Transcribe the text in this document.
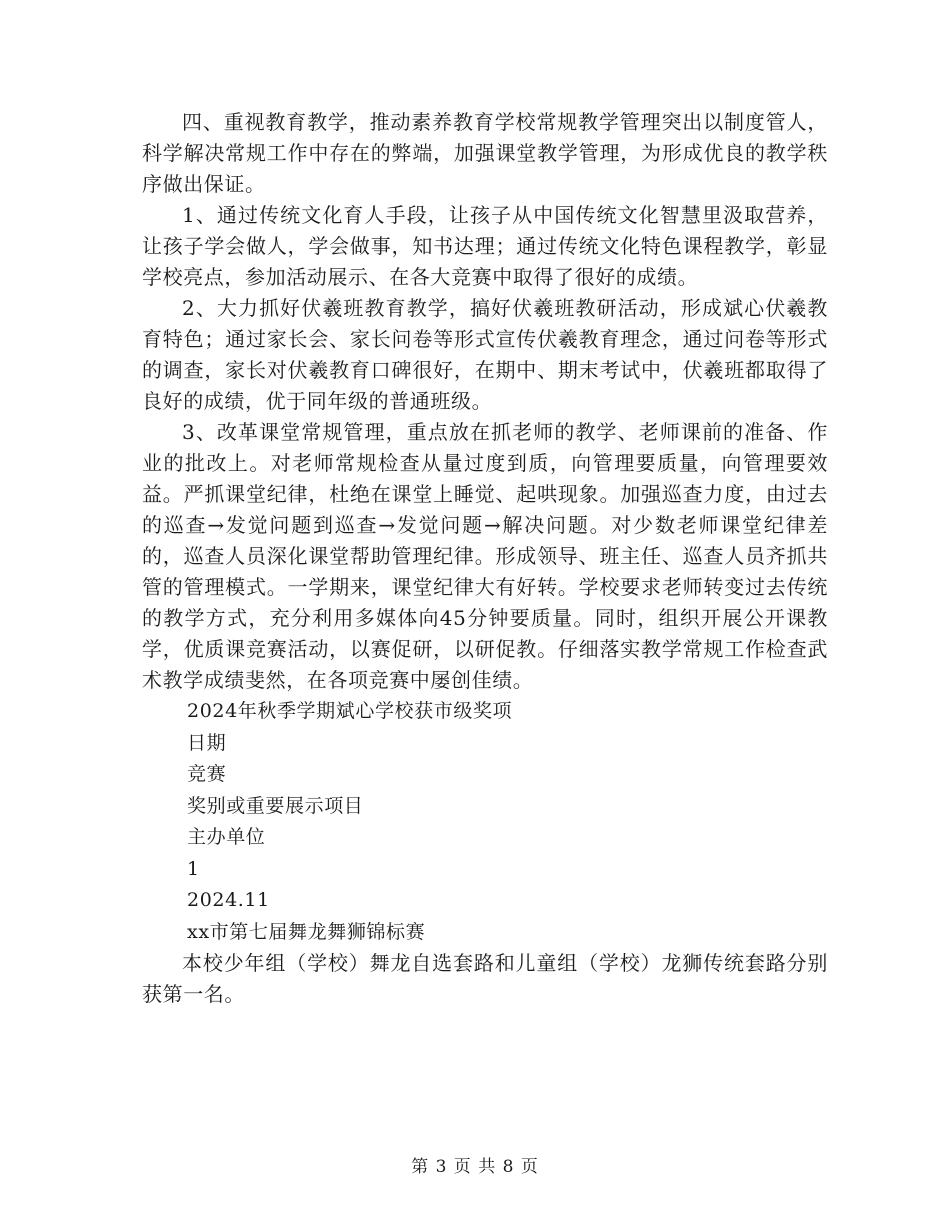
四、重视教育教学，推动素养教育学校常规教学管理突出以制度管人，科学解决常规工作中存在的弊端，加强课堂教学管理，为形成优良的教学秩序做出保证。

1、通过传统文化育人手段，让孩子从中国传统文化智慧里汲取营养，让孩子学会做人，学会做事，知书达理；通过传统文化特色课程教学，彰显学校亮点，参加活动展示、在各大竞赛中取得了很好的成绩。

2、大力抓好伏羲班教育教学，搞好伏羲班教研活动，形成斌心伏羲教育特色；通过家长会、家长问卷等形式宣传伏羲教育理念，通过问卷等形式的调查，家长对伏羲教育口碑很好，在期中、期末考试中，伏羲班都取得了良好的成绩，优于同年级的普通班级。

3、改革课堂常规管理，重点放在抓老师的教学、老师课前的准备、作业的批改上。对老师常规检查从量过度到质，向管理要质量，向管理要效益。严抓课堂纪律，杜绝在课堂上睡觉、起哄现象。加强巡查力度，由过去的巡查→发觉问题到巡查→发觉问题→解决问题。对少数老师课堂纪律差的，巡查人员深化课堂帮助管理纪律。形成领导、班主任、巡查人员齐抓共管的管理模式。一学期来，课堂纪律大有好转。学校要求老师转变过去传统的教学方式，充分利用多媒体向45分钟要质量。同时，组织开展公开课教学，优质课竞赛活动，以赛促研，以研促教。仔细落实教学常规工作检查武术教学成绩斐然，在各项竞赛中屡创佳绩。

2024年秋季学期斌心学校获市级奖项

日期

竞赛

奖别或重要展示项目

主办单位

1

2024.11

xx市第七届舞龙舞狮锦标赛

本校少年组（学校）舞龙自选套路和儿童组（学校）龙狮传统套路分别获第一名。

第 3 页 共 8 页
